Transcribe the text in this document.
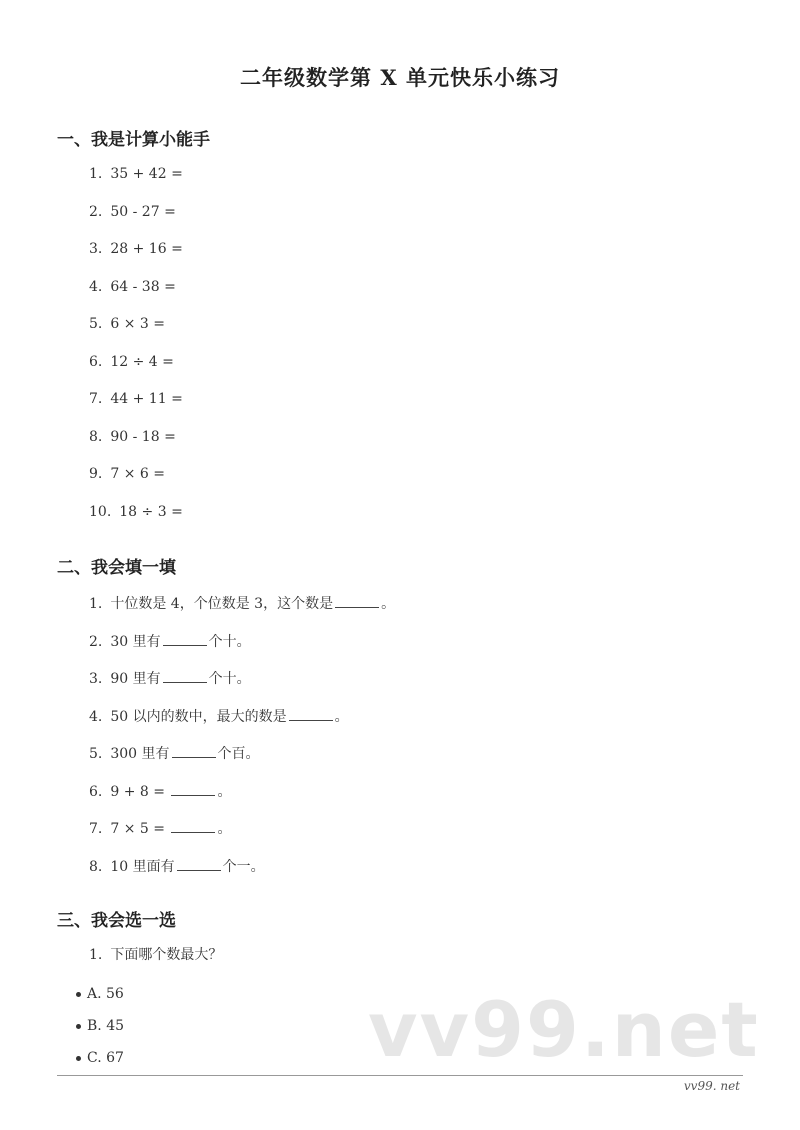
二年级数学第 X 单元快乐小练习
一、我是计算小能手
1. 35 + 42 =
2. 50 - 27 =
3. 28 + 16 =
4. 64 - 38 =
5. 6 × 3 =
6. 12 ÷ 4 =
7. 44 + 11 =
8. 90 - 18 =
9. 7 × 6 =
10. 18 ÷ 3 =
二、我会填一填
1. 十位数是 4，个位数是 3，这个数是	。
2. 30 里有	个十。
3. 90 里有	个十。
4. 50 以内的数中，最大的数是	。
5. 300 里有	个百。
6. 9 + 8 =	。
7. 7 × 5 =	。
8. 10 里面有	个一。
三、我会选一选
1. 下面哪个数最大？
A. 56
B. 45
C. 67	vv99.net
vv99. net
